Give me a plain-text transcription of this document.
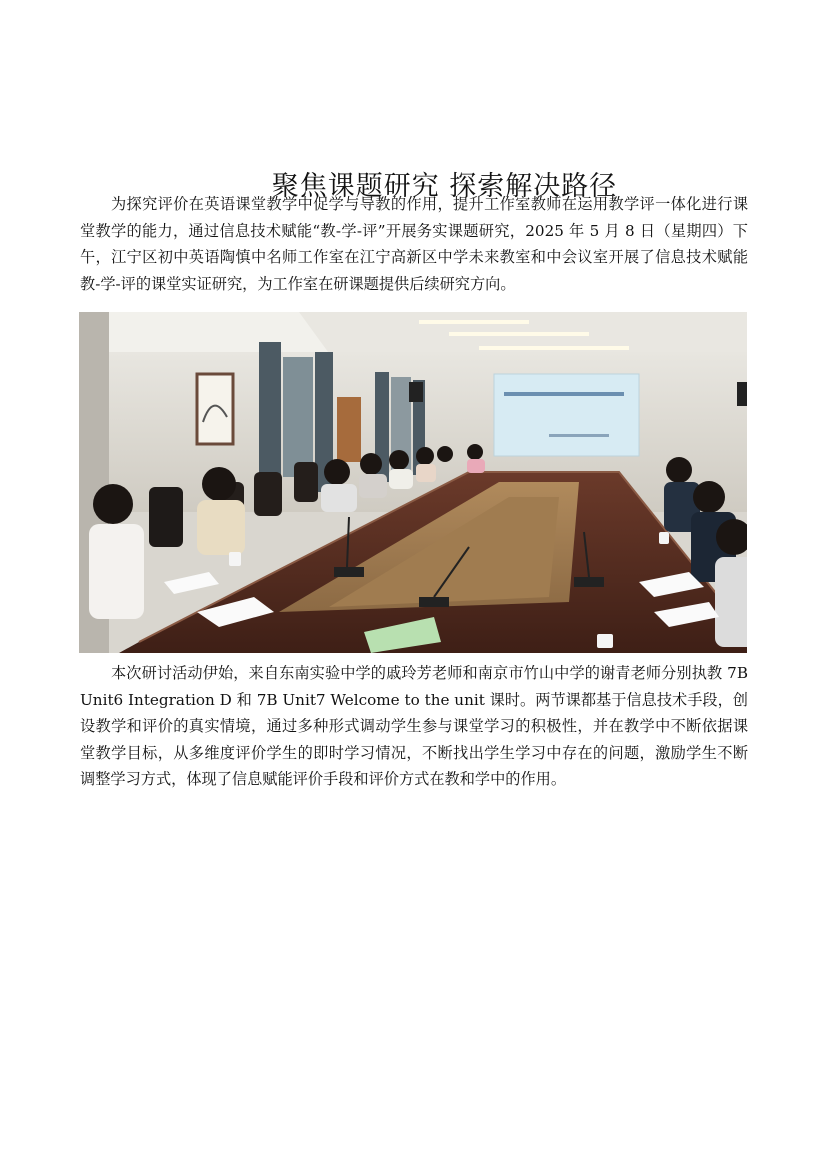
聚焦课题研究 探索解决路径

为探究评价在英语课堂教学中促学与导教的作用，提升工作室教师在运用教学评一体化进行课堂教学的能力，通过信息技术赋能“教-学-评”开展务实课题研究，2025 年 5 月 8 日（星期四）下午，江宁区初中英语陶慎中名师工作室在江宁高新区中学未来教室和中会议室开展了信息技术赋能教-学-评的课堂实证研究，为工作室在研课题提供后续研究方向。

本次研讨活动伊始，来自东南实验中学的戚玲芳老师和南京市竹山中学的谢青老师分别执教 7B Unit6 Integration D 和 7B Unit7 Welcome to the unit 课时。两节课都基于信息技术手段，创设教学和评价的真实情境，通过多种形式调动学生参与课堂学习的积极性，并在教学中不断依据课堂教学目标，从多维度评价学生的即时学习情况，不断找出学生学习中存在的问题，激励学生不断调整学习方式，体现了信息赋能评价手段和评价方式在教和学中的作用。
